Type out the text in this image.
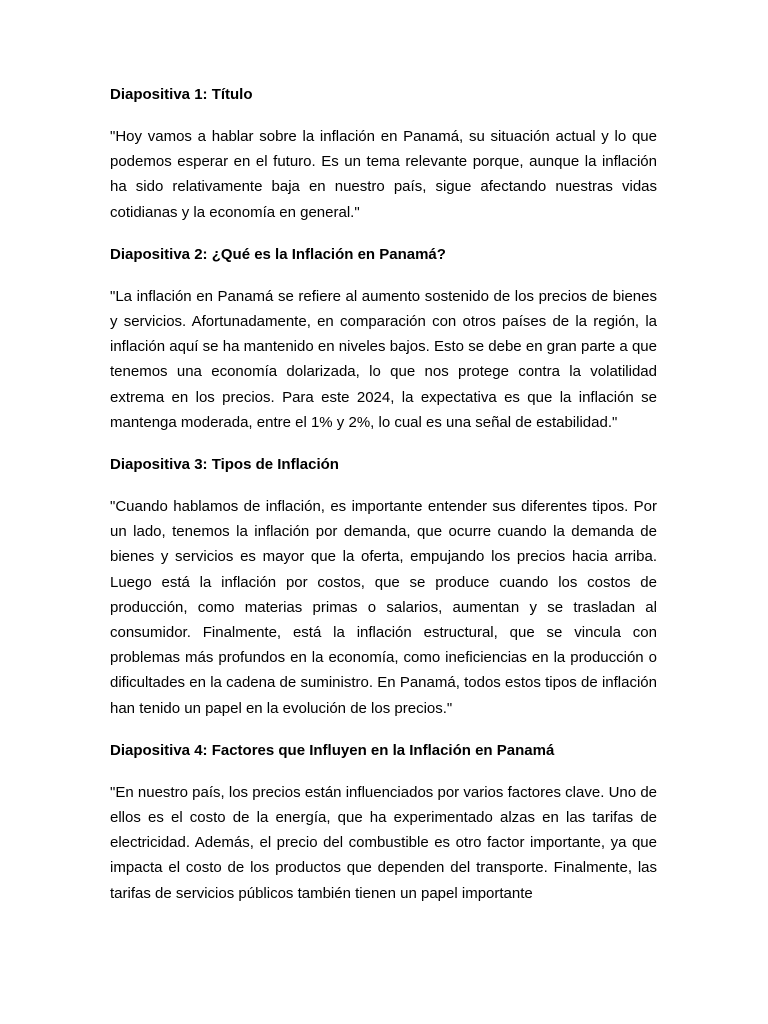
Diapositiva 1: Título
"Hoy vamos a hablar sobre la inflación en Panamá, su situación actual y lo que podemos esperar en el futuro. Es un tema relevante porque, aunque la inflación ha sido relativamente baja en nuestro país, sigue afectando nuestras vidas cotidianas y la economía en general."
Diapositiva 2: ¿Qué es la Inflación en Panamá?
"La inflación en Panamá se refiere al aumento sostenido de los precios de bienes y servicios. Afortunadamente, en comparación con otros países de la región, la inflación aquí se ha mantenido en niveles bajos. Esto se debe en gran parte a que tenemos una economía dolarizada, lo que nos protege contra la volatilidad extrema en los precios. Para este 2024, la expectativa es que la inflación se mantenga moderada, entre el 1% y 2%, lo cual es una señal de estabilidad."
Diapositiva 3: Tipos de Inflación
"Cuando hablamos de inflación, es importante entender sus diferentes tipos. Por un lado, tenemos la inflación por demanda, que ocurre cuando la demanda de bienes y servicios es mayor que la oferta, empujando los precios hacia arriba. Luego está la inflación por costos, que se produce cuando los costos de producción, como materias primas o salarios, aumentan y se trasladan al consumidor. Finalmente, está la inflación estructural, que se vincula con problemas más profundos en la economía, como ineficiencias en la producción o dificultades en la cadena de suministro. En Panamá, todos estos tipos de inflación han tenido un papel en la evolución de los precios."
Diapositiva 4: Factores que Influyen en la Inflación en Panamá
"En nuestro país, los precios están influenciados por varios factores clave. Uno de ellos es el costo de la energía, que ha experimentado alzas en las tarifas de electricidad. Además, el precio del combustible es otro factor importante, ya que impacta el costo de los productos que dependen del transporte. Finalmente, las tarifas de servicios públicos también tienen un papel importante
